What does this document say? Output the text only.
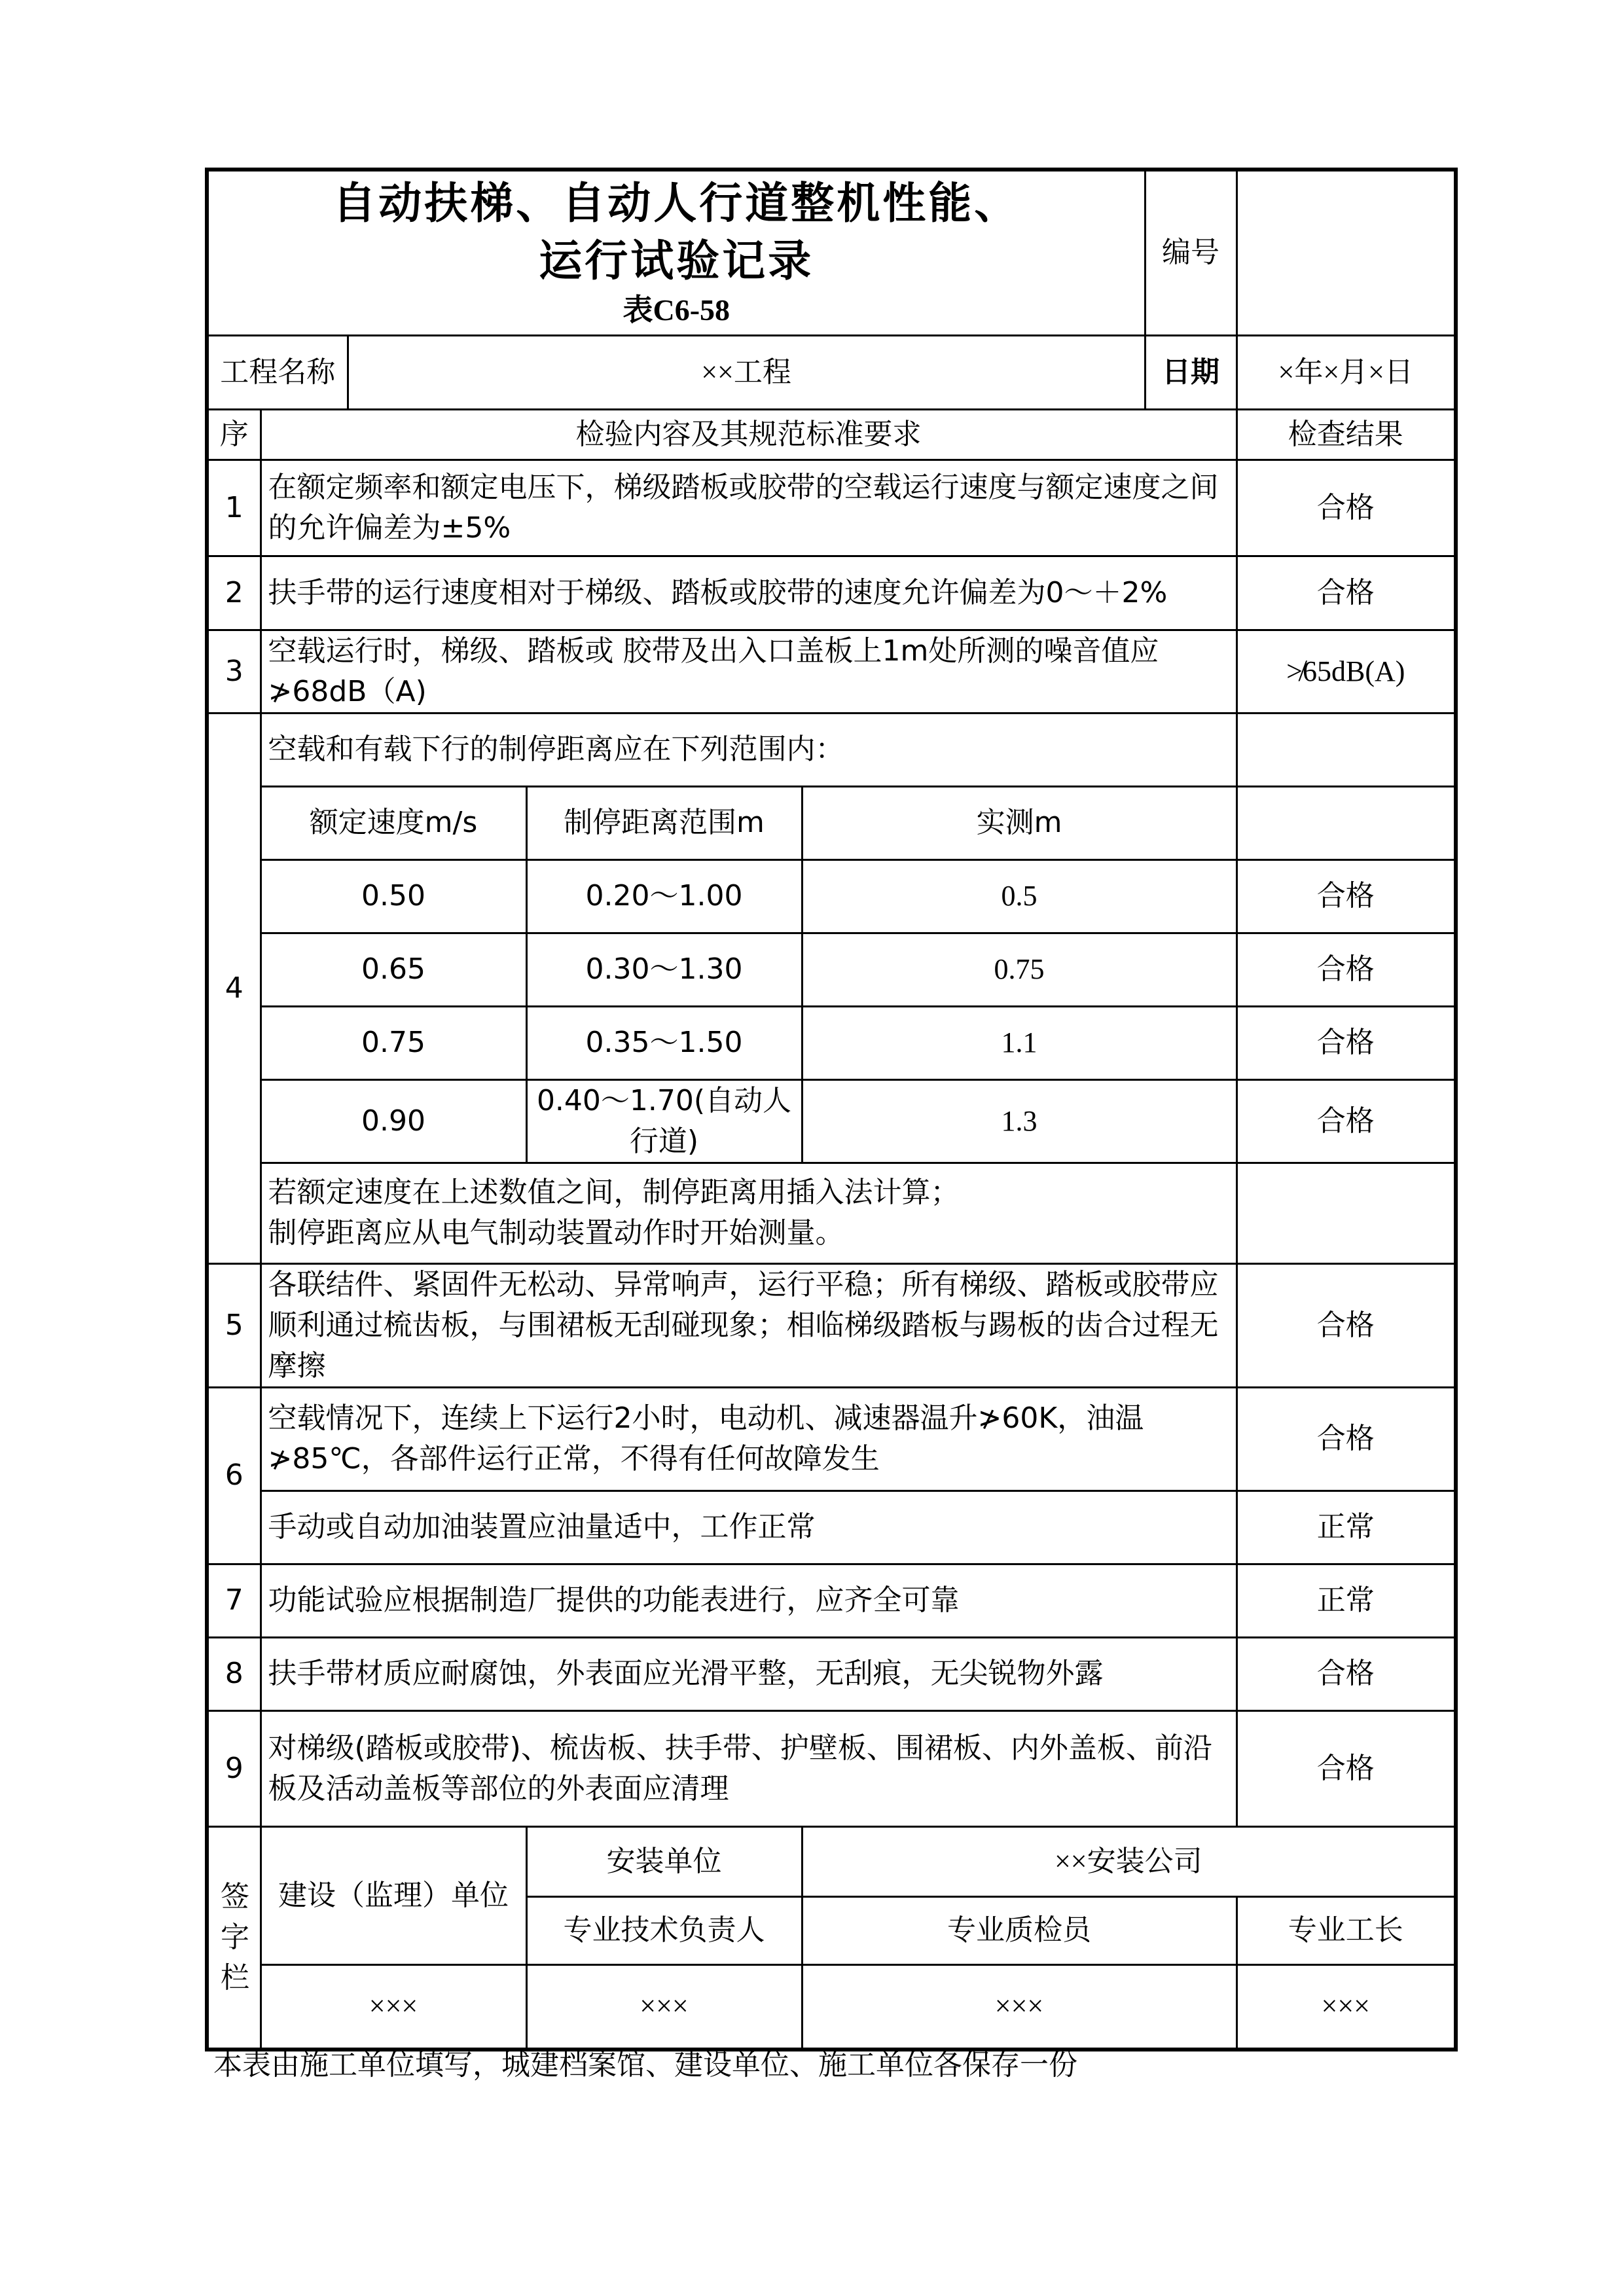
自动扶梯、自动人行道整机性能、
运行试验记录
表C6-58					编号	
工程名称		××工程			日期	×年×月×日
序	检验内容及其规范标准要求					检查结果
1	在额定频率和额定电压下，梯级踏板或胶带的空载运行速度与额定速度之间的允许偏差为±5%					合格
2	扶手带的运行速度相对于梯级、踏板或胶带的速度允许偏差为0～＋2%					合格
3	空载运行时，梯级、踏板或 胶带及出入口盖板上1m处所测的噪音值应≯68dB（A)					≯65dB(A)
4	空载和有载下行的制停距离应在下列范围内：					
	额定速度m/s		制停距离范围m	实测m		
	0.50		0.20～1.00	0.5		合格
	0.65		0.30～1.30	0.75		合格
	0.75		0.35～1.50	1.1		合格
	0.90		0.40～1.70(自动人行道)	1.3		合格

	若额定速度在上述数值之间，制停距离用插入法计算；
制停距离应从电气制动装置动作时开始测量。					

5	各联结件、紧固件无松动、异常响声，运行平稳；所有梯级、踏板或胶带应顺利通过梳齿板，与围裙板无刮碰现象；相临梯级踏板与踢板的齿合过程无摩擦					合格
6	空载情况下，连续上下运行2小时，电动机、减速器温升≯60K，油温≯85℃，各部件运行正常，不得有任何故障发生					合格
	手动或自动加油装置应油量适中，工作正常					正常
7	功能试验应根据制造厂提供的功能表进行，应齐全可靠					正常
8	扶手带材质应耐腐蚀，外表面应光滑平整，无刮痕，无尖锐物外露					合格
9	对梯级(踏板或胶带)、梳齿板、扶手带、护壁板、围裙板、内外盖板、前沿板及活动盖板等部位的外表面应清理					合格
签字栏	建设（监理）单位		安装单位	××安装公司		
			专业技术负责人	专业质检员		专业工长
	×××		×××	×××		×××
本表由施工单位填写，城建档案馆、建设单位、施工单位各保存一份
